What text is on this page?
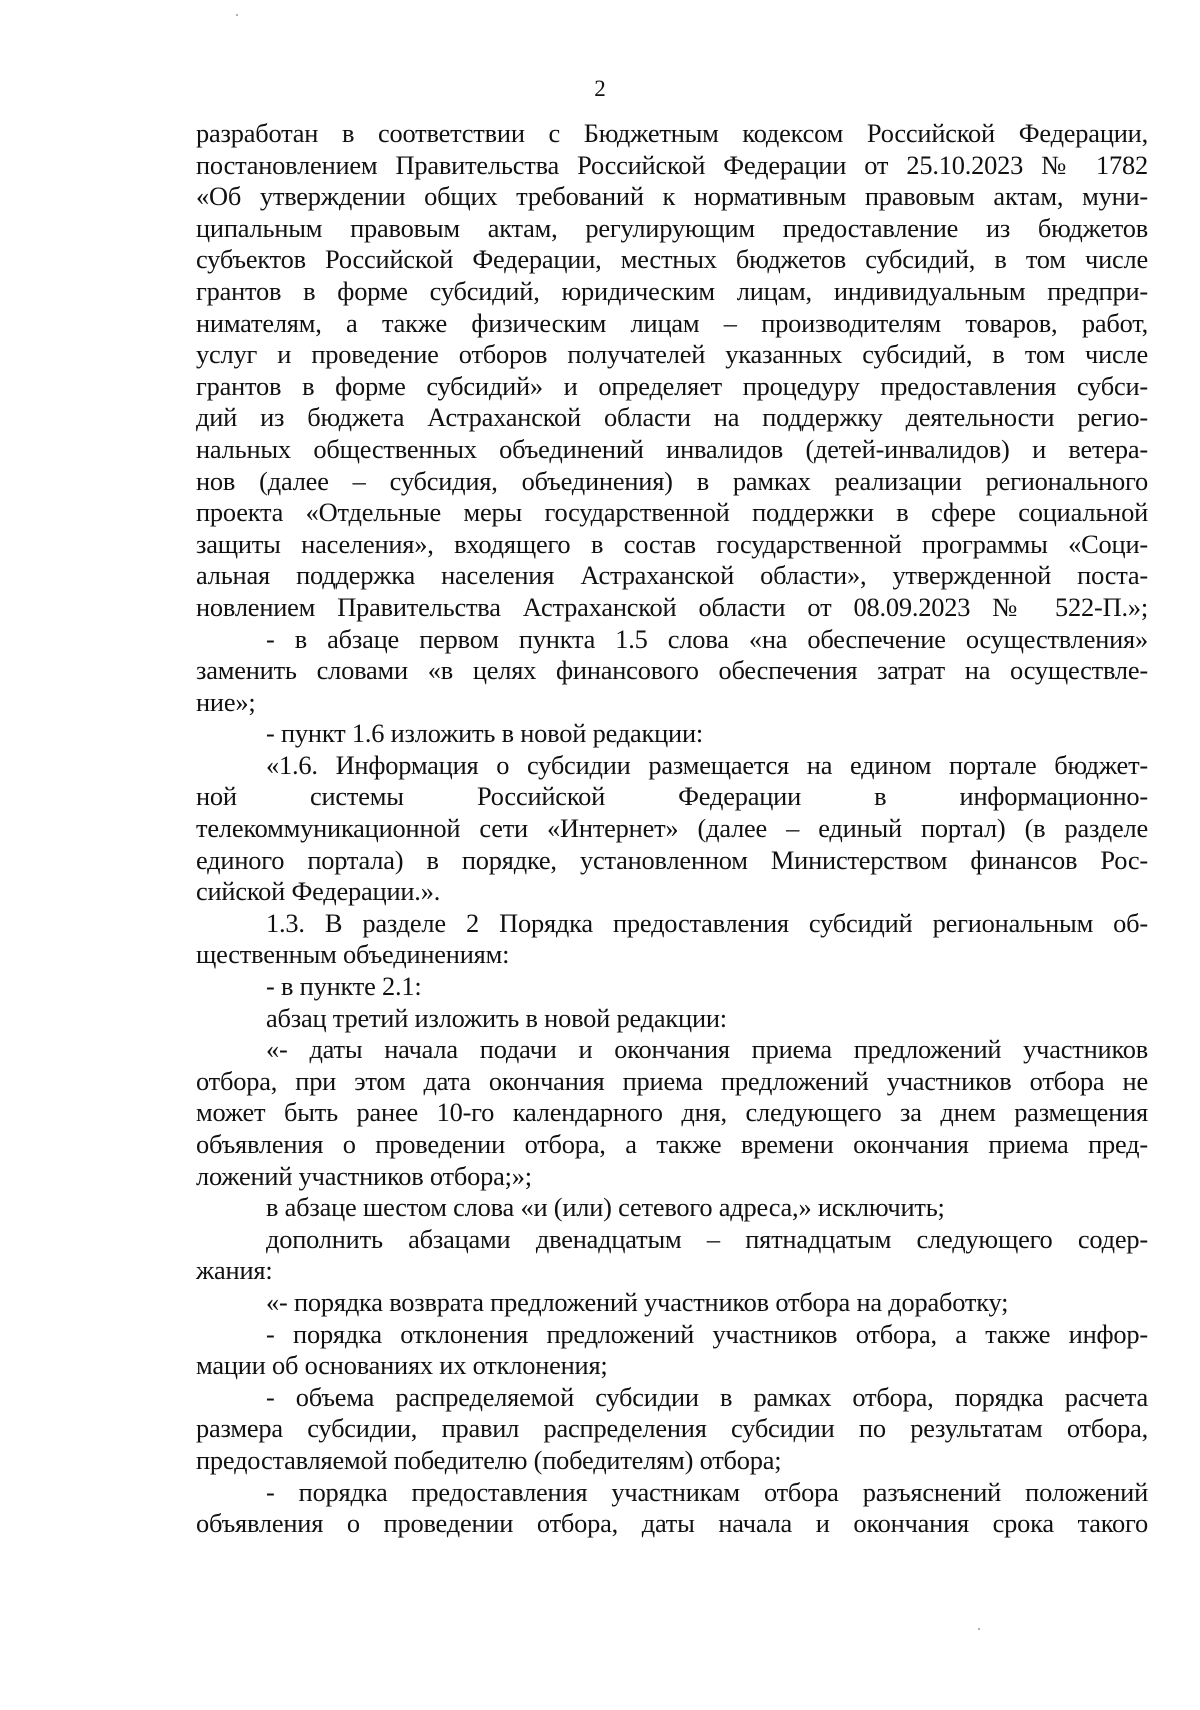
2
разработан в соответствии с Бюджетным кодексом Российской Федерации,
постановлением Правительства Российской Федерации от 25.10.2023 № 1782
«Об утверждении общих требований к нормативным правовым актам, муни-
ципальным правовым актам, регулирующим предоставление из бюджетов
субъектов Российской Федерации, местных бюджетов субсидий, в том числе
грантов в форме субсидий, юридическим лицам, индивидуальным предпри-
нимателям, а также физическим лицам – производителям товаров, работ,
услуг и проведение отборов получателей указанных субсидий, в том числе
грантов в форме субсидий» и определяет процедуру предоставления субси-
дий из бюджета Астраханской области на поддержку деятельности регио-
нальных общественных объединений инвалидов (детей-инвалидов) и ветера-
нов (далее – субсидия, объединения) в рамках реализации регионального
проекта «Отдельные меры государственной поддержки в сфере социальной
защиты населения», входящего в состав государственной программы «Соци-
альная поддержка населения Астраханской области», утвержденной поста-
новлением Правительства Астраханской области от 08.09.2023 № 522-П.»;
- в абзаце первом пункта 1.5 слова «на обеспечение осуществления»
заменить словами «в целях финансового обеспечения затрат на осуществле-
ние»;
- пункт 1.6 изложить в новой редакции:
«1.6. Информация о субсидии размещается на едином портале бюджет-
ной системы Российской Федерации в информационно-
телекоммуникационной сети «Интернет» (далее – единый портал) (в разделе
единого портала) в порядке, установленном Министерством финансов Рос-
сийской Федерации.».
1.3. В разделе 2 Порядка предоставления субсидий региональным об-
щественным объединениям:
- в пункте 2.1:
абзац третий изложить в новой редакции:
«- даты начала подачи и окончания приема предложений участников
отбора, при этом дата окончания приема предложений участников отбора не
может быть ранее 10-го календарного дня, следующего за днем размещения
объявления о проведении отбора, а также времени окончания приема пред-
ложений участников отбора;»;
в абзаце шестом слова «и (или) сетевого адреса,» исключить;
дополнить абзацами двенадцатым – пятнадцатым следующего содер-
жания:
«- порядка возврата предложений участников отбора на доработку;
- порядка отклонения предложений участников отбора, а также инфор-
мации об основаниях их отклонения;
- объема распределяемой субсидии в рамках отбора, порядка расчета
размера субсидии, правил распределения субсидии по результатам отбора,
предоставляемой победителю (победителям) отбора;
- порядка предоставления участникам отбора разъяснений положений
объявления о проведении отбора, даты начала и окончания срока такого
